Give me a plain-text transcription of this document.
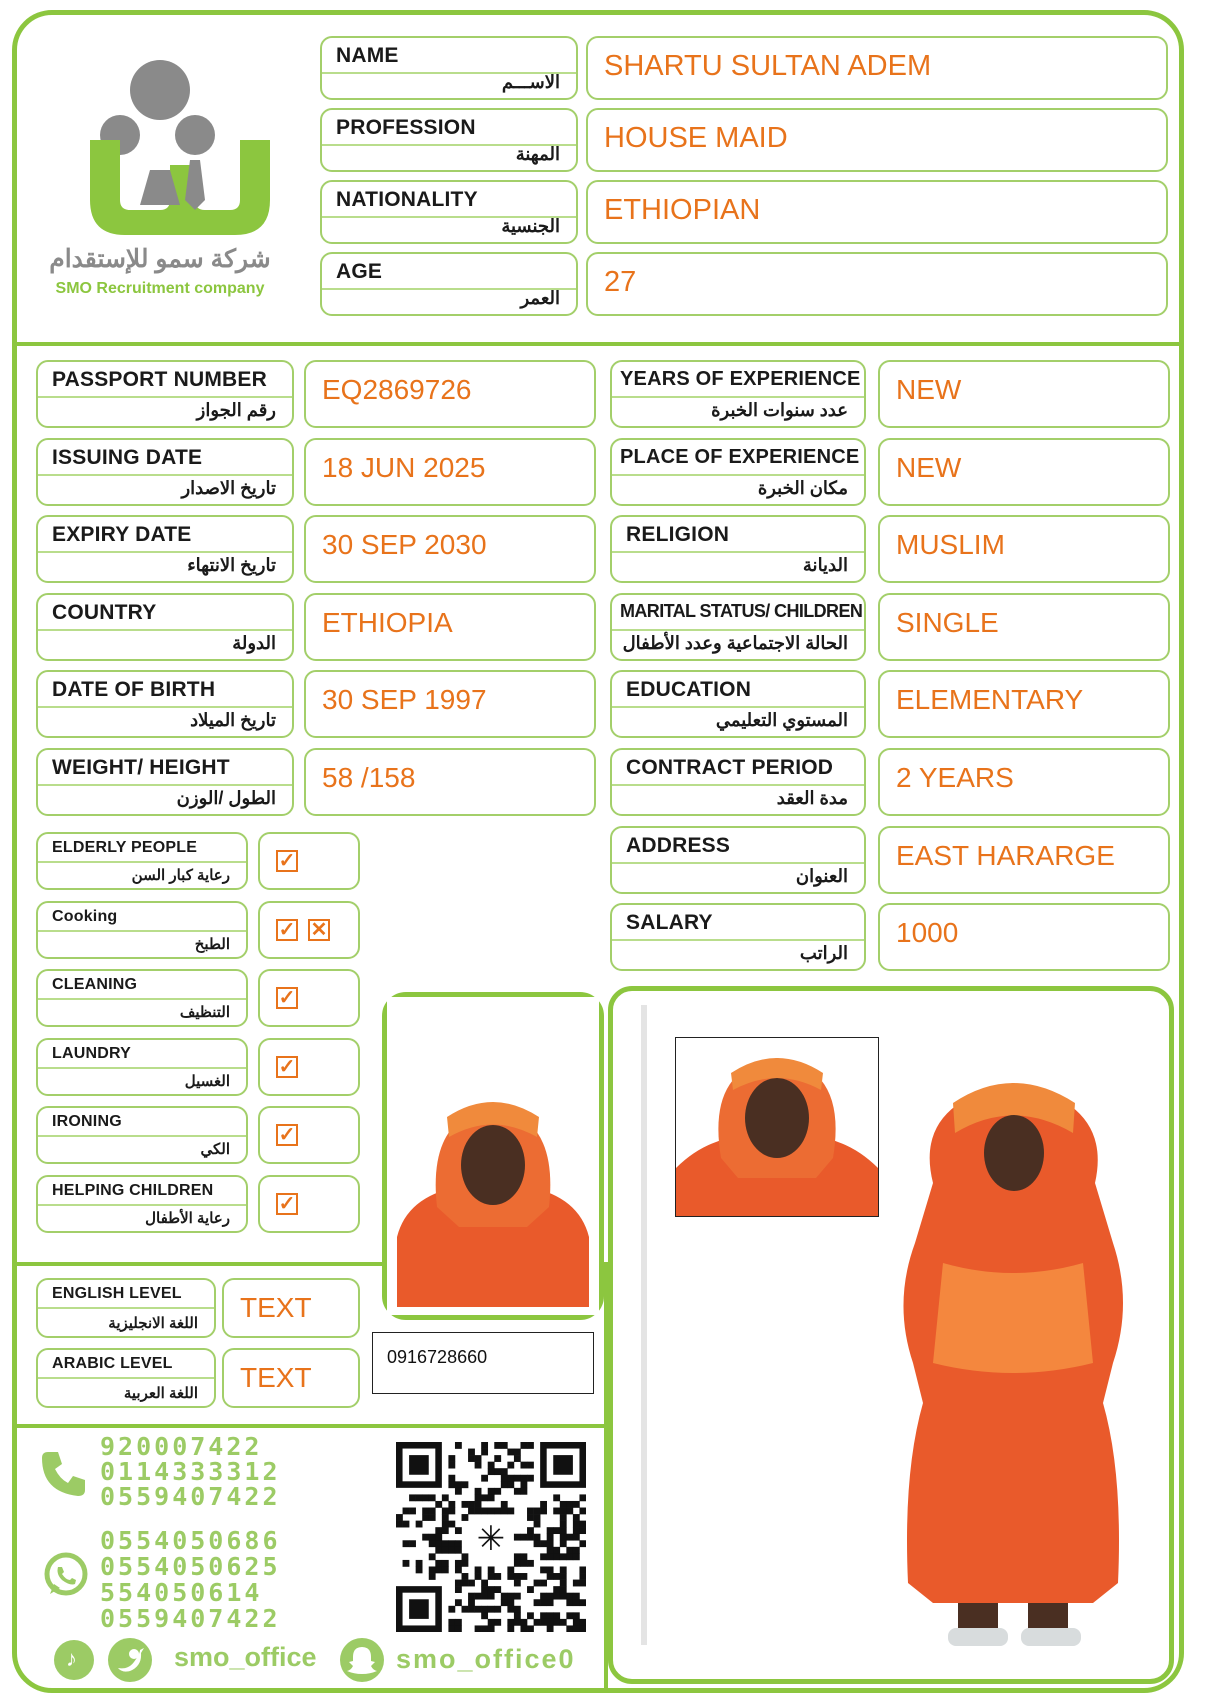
شركة سمو للإستقدام
SMO Recruitment company
NAME
الاســـم SHARTU SULTAN ADEM
PROFESSION
المهنة HOUSE MAID
NATIONALITY
الجنسية ETHIOPIAN
AGE
العمر 27
PASSPORT NUMBER
رقم الجواز
EQ2869726
ISSUING DATE
تاريخ الاصدار
18 JUN 2025
EXPIRY DATE
تاريخ الانتهاء
30 SEP 2030
COUNTRY
الدولة
ETHIOPIA
DATE OF BIRTH
تاريخ الميلاد
30 SEP 1997
WEIGHT/ HEIGHT
الطول /الوزن
58 /158
YEARS OF EXPERIENCE
عدد سنوات الخبرة
NEW
PLACE OF EXPERIENCE
مكان الخبرة
NEW
RELIGION
الديانة
MUSLIM
MARITAL STATUS/ CHILDREN
الحالة الاجتماعية وعدد الأطفال
SINGLE
EDUCATION
المستوي التعليمي
ELEMENTARY
CONTRACT PERIOD
مدة العقد
2 YEARS
ADDRESS
العنوان
EAST HARARGE
SALARY
الراتب
1000
ELDERLY PEOPLE
رعاية كبار السن
✓
Cooking
الطبخ
✓ ✕
CLEANING
التنظيف
✓
LAUNDRY
الغسيل
✓
IRONING
الكي
✓
HELPING CHILDREN
رعاية الأطفال
✓
ENGLISH LEVEL
اللغة الانجليزية
TEXT
ARABIC LEVEL
اللغة العربية
TEXT
0916728660
920007422
0114333312
0559407422
0554050686
0554050625
554050614
0559407422
♪	smo_office	smo_office0
✳
